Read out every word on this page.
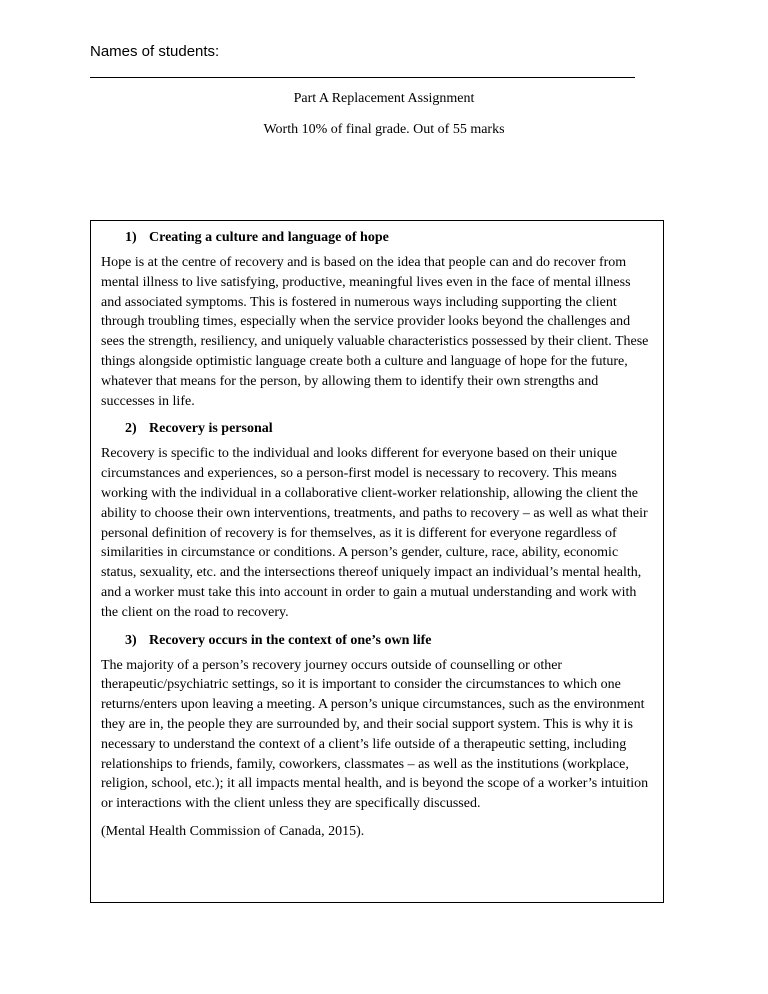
Names of students:

Part A Replacement Assignment

Worth 10% of final grade. Out of 55 marks

1) Creating a culture and language of hope

Hope is at the centre of recovery and is based on the idea that people can and do recover from mental illness to live satisfying, productive, meaningful lives even in the face of mental illness and associated symptoms. This is fostered in numerous ways including supporting the client through troubling times, especially when the service provider looks beyond the challenges and sees the strength, resiliency, and uniquely valuable characteristics possessed by their client. These things alongside optimistic language create both a culture and language of hope for the future, whatever that means for the person, by allowing them to identify their own strengths and successes in life.

2) Recovery is personal

Recovery is specific to the individual and looks different for everyone based on their unique circumstances and experiences, so a person-first model is necessary to recovery. This means working with the individual in a collaborative client-worker relationship, allowing the client the ability to choose their own interventions, treatments, and paths to recovery – as well as what their personal definition of recovery is for themselves, as it is different for everyone regardless of similarities in circumstance or conditions. A person’s gender, culture, race, ability, economic status, sexuality, etc. and the intersections thereof uniquely impact an individual’s mental health, and a worker must take this into account in order to gain a mutual understanding and work with the client on the road to recovery.

3) Recovery occurs in the context of one’s own life

The majority of a person’s recovery journey occurs outside of counselling or other therapeutic/psychiatric settings, so it is important to consider the circumstances to which one returns/enters upon leaving a meeting. A person’s unique circumstances, such as the environment they are in, the people they are surrounded by, and their social support system. This is why it is necessary to understand the context of a client’s life outside of a therapeutic setting, including relationships to friends, family, coworkers, classmates – as well as the institutions (workplace, religion, school, etc.); it all impacts mental health, and is beyond the scope of a worker’s intuition or interactions with the client unless they are specifically discussed.

(Mental Health Commission of Canada, 2015).
